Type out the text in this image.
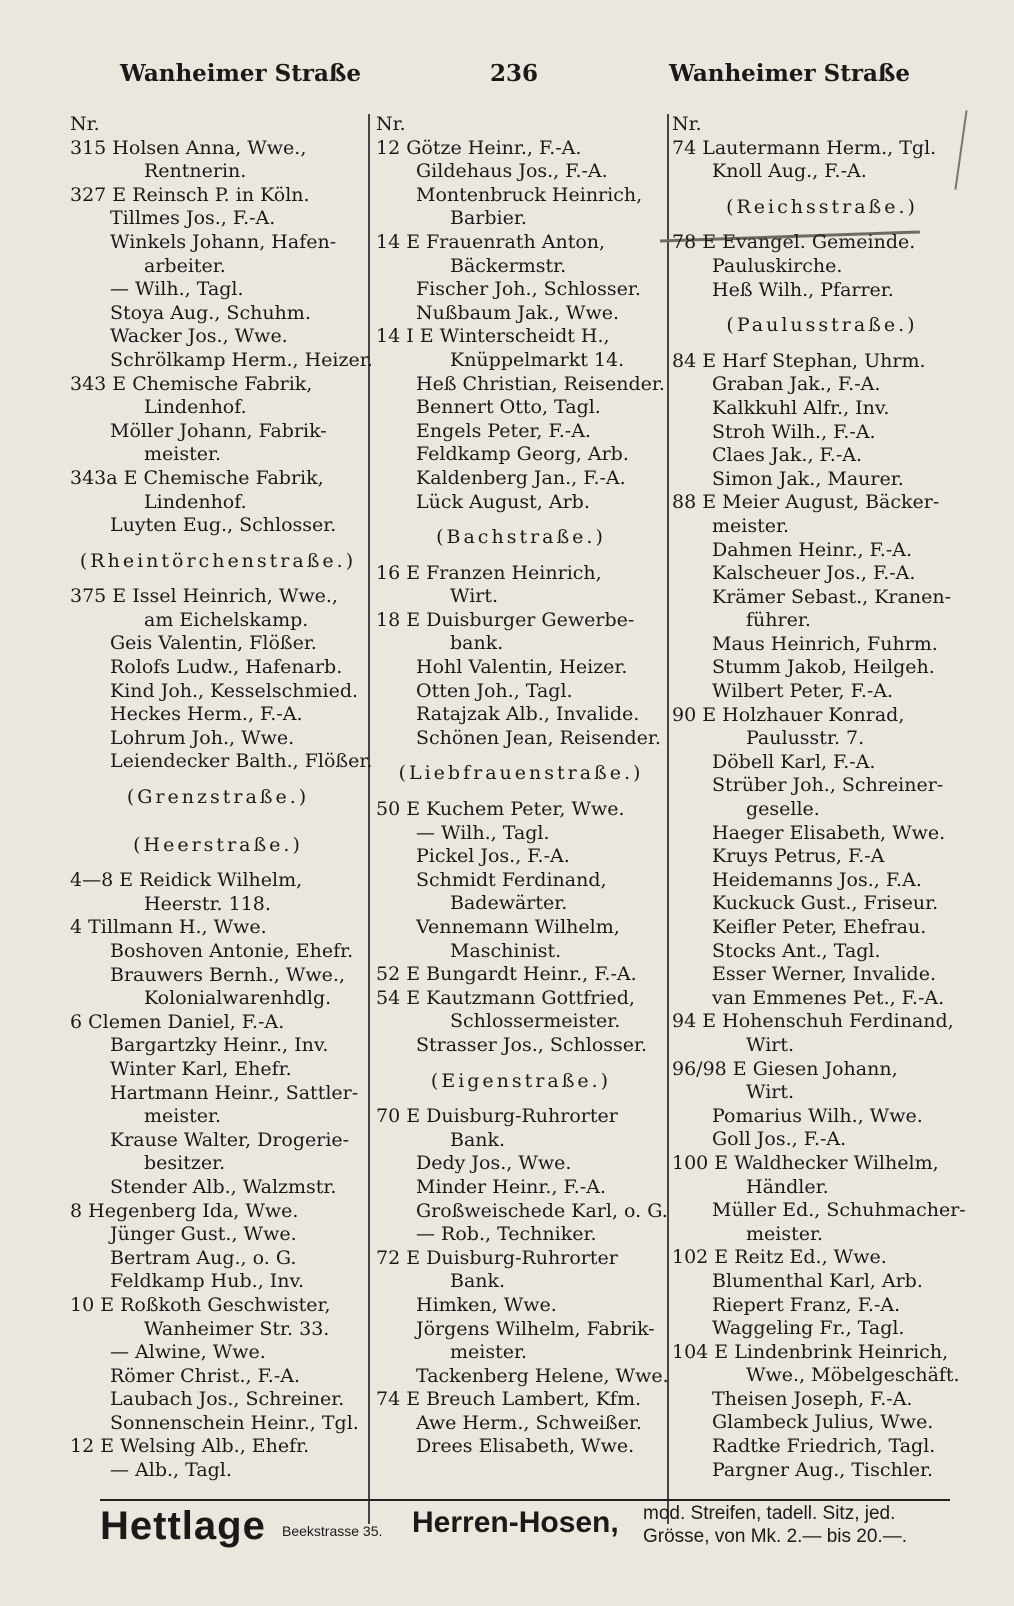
Wanheimer Straße	236	Wanheimer Straße
Nr.
315 Holsen Anna, Wwe.,
Rentnerin.
327 E Reinsch P. in Köln.
Tillmes Jos., F.-A.
Winkels Johann, Hafen-
arbeiter.
— Wilh., Tagl.
Stoya Aug., Schuhm.
Wacker Jos., Wwe.
Schrölkamp Herm., Heizer.
343 E Chemische Fabrik,
Lindenhof.
Möller Johann, Fabrik-
meister.
343a E Chemische Fabrik,
Lindenhof.
Luyten Eug., Schlosser.
(Rheintörchenstraße.)
375 E Issel Heinrich, Wwe.,
am Eichelskamp.
Geis Valentin, Flößer.
Rolofs Ludw., Hafenarb.
Kind Joh., Kesselschmied.
Heckes Herm., F.-A.
Lohrum Joh., Wwe.
Leiendecker Balth., Flößer.
(Grenzstraße.)
(Heerstraße.)
4—8 E Reidick Wilhelm,
Heerstr. 118.
4 Tillmann H., Wwe.
Boshoven Antonie, Ehefr.
Brauwers Bernh., Wwe.,
Kolonialwarenhdlg.
6 Clemen Daniel, F.-A.
Bargartzky Heinr., Inv.
Winter Karl, Ehefr.
Hartmann Heinr., Sattler-
meister.
Krause Walter, Drogerie-
besitzer.
Stender Alb., Walzmstr.
8 Hegenberg Ida, Wwe.
Jünger Gust., Wwe.
Bertram Aug., o. G.
Feldkamp Hub., Inv.
10 E Roßkoth Geschwister,
Wanheimer Str. 33.
— Alwine, Wwe.
Römer Christ., F.-A.
Laubach Jos., Schreiner.
Sonnenschein Heinr., Tgl.
12 E Welsing Alb., Ehefr.
— Alb., Tagl.
Nr.
12 Götze Heinr., F.-A.
Gildehaus Jos., F.-A.
Montenbruck Heinrich,
Barbier.
14 E Frauenrath Anton,
Bäckermstr.
Fischer Joh., Schlosser.
Nußbaum Jak., Wwe.
14 I E Winterscheidt H.,
Knüppelmarkt 14.
Heß Christian, Reisender.
Bennert Otto, Tagl.
Engels Peter, F.-A.
Feldkamp Georg, Arb.
Kaldenberg Jan., F.-A.
Lück August, Arb.
(Bachstraße.)
16 E Franzen Heinrich,
Wirt.
18 E Duisburger Gewerbe-
bank.
Hohl Valentin, Heizer.
Otten Joh., Tagl.
Ratajzak Alb., Invalide.
Schönen Jean, Reisender.
(Liebfrauenstraße.)
50 E Kuchem Peter, Wwe.
— Wilh., Tagl.
Pickel Jos., F.-A.
Schmidt Ferdinand,
Badewärter.
Vennemann Wilhelm,
Maschinist.
52 E Bungardt Heinr., F.-A.
54 E Kautzmann Gottfried,
Schlossermeister.
Strasser Jos., Schlosser.
(Eigenstraße.)
70 E Duisburg-Ruhrorter
Bank.
Dedy Jos., Wwe.
Minder Heinr., F.-A.
Großweischede Karl, o. G.
— Rob., Techniker.
72 E Duisburg-Ruhrorter
Bank.
Himken, Wwe.
Jörgens Wilhelm, Fabrik-
meister.
Tackenberg Helene, Wwe.
74 E Breuch Lambert, Kfm.
Awe Herm., Schweißer.
Drees Elisabeth, Wwe.
Nr.
74 Lautermann Herm., Tgl.
Knoll Aug., F.-A.
(Reichsstraße.)
78 E Evangel. Gemeinde.
Pauluskirche.
Heß Wilh., Pfarrer.
(Paulusstraße.)
84 E Harf Stephan, Uhrm.
Graban Jak., F.-A.
Kalkkuhl Alfr., Inv.
Stroh Wilh., F.-A.
Claes Jak., F.-A.
Simon Jak., Maurer.
88 E Meier August, Bäcker-
meister.
Dahmen Heinr., F.-A.
Kalscheuer Jos., F.-A.
Krämer Sebast., Kranen-
führer.
Maus Heinrich, Fuhrm.
Stumm Jakob, Heilgeh.
Wilbert Peter, F.-A.
90 E Holzhauer Konrad,
Paulusstr. 7.
Döbell Karl, F.-A.
Strüber Joh., Schreiner-
geselle.
Haeger Elisabeth, Wwe.
Kruys Petrus, F.-A
Heidemanns Jos., F.A.
Kuckuck Gust., Friseur.
Keifler Peter, Ehefrau.
Stocks Ant., Tagl.
Esser Werner, Invalide.
van Emmenes Pet., F.-A.
94 E Hohenschuh Ferdinand,
Wirt.
96/98 E Giesen Johann,
Wirt.
Pomarius Wilh., Wwe.
Goll Jos., F.-A.
100 E Waldhecker Wilhelm,
Händler.
Müller Ed., Schuhmacher-
meister.
102 E Reitz Ed., Wwe.
Blumenthal Karl, Arb.
Riepert Franz, F.-A.
Waggeling Fr., Tagl.
104 E Lindenbrink Heinrich,
Wwe., Möbelgeschäft.
Theisen Joseph, F.-A.
Glambeck Julius, Wwe.
Radtke Friedrich, Tagl.
Pargner Aug., Tischler.
Hettlage Beekstrasse 35. Herren-Hosen, mod. Streifen, tadell. Sitz, jed.
Grösse, von Mk. 2.— bis 20.—.
